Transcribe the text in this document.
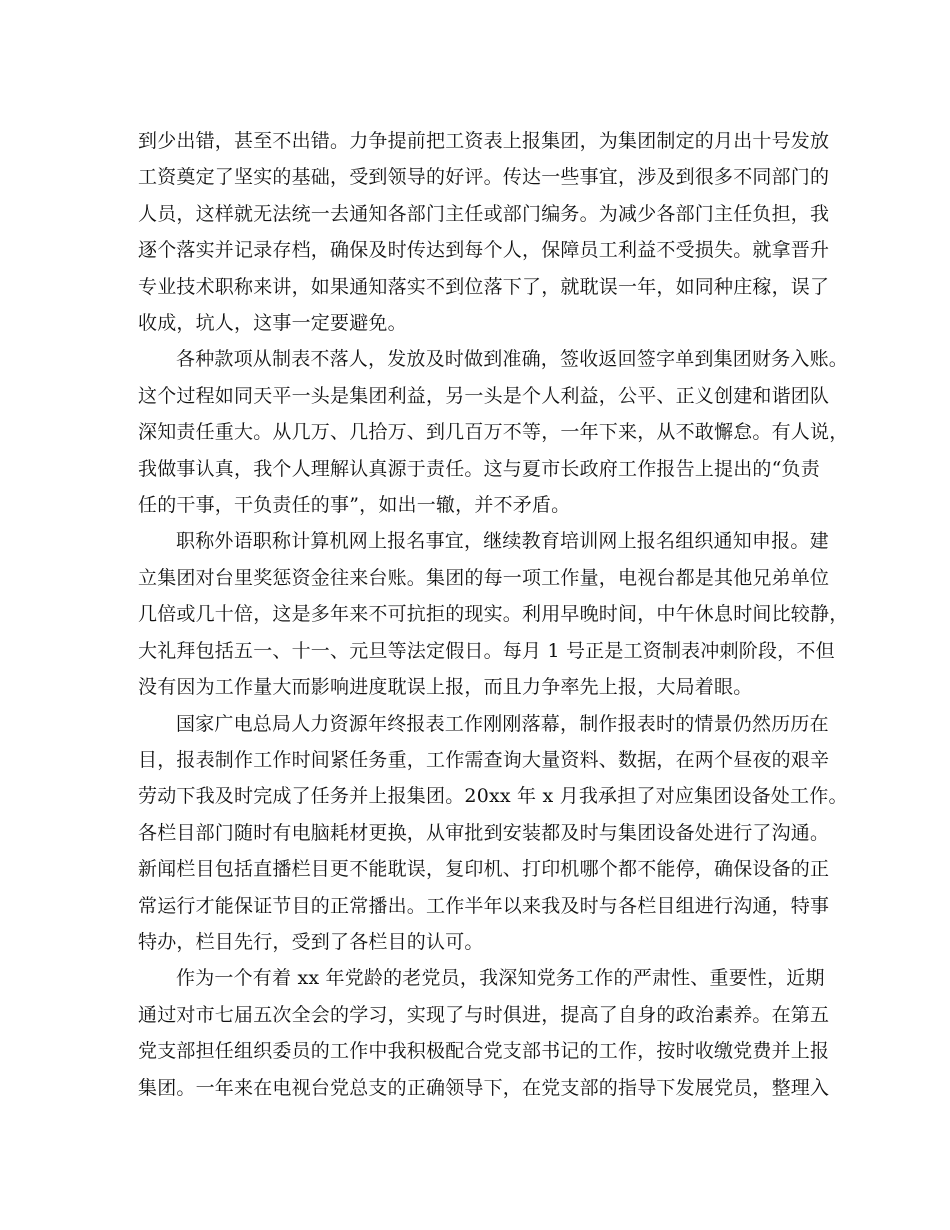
到少出错，甚至不出错。力争提前把工资表上报集团，为集团制定的月出十号发放
工资奠定了坚实的基础，受到领导的好评。传达一些事宜，涉及到很多不同部门的
人员，这样就无法统一去通知各部门主任或部门编务。为减少各部门主任负担，我
逐个落实并记录存档，确保及时传达到每个人，保障员工利益不受损失。就拿晋升
专业技术职称来讲，如果通知落实不到位落下了，就耽误一年，如同种庄稼，误了
收成，坑人，这事一定要避免。
各种款项从制表不落人，发放及时做到准确，签收返回签字单到集团财务入账。
这个过程如同天平一头是集团利益，另一头是个人利益，公平、正义创建和谐团队
深知责任重大。从几万、几拾万、到几百万不等，一年下来，从不敢懈怠。有人说，
我做事认真，我个人理解认真源于责任。这与夏市长政府工作报告上提出的“负责
任的干事，干负责任的事”，如出一辙，并不矛盾。
职称外语职称计算机网上报名事宜，继续教育培训网上报名组织通知申报。建
立集团对台里奖惩资金往来台账。集团的每一项工作量，电视台都是其他兄弟单位
几倍或几十倍，这是多年来不可抗拒的现实。利用早晚时间，中午休息时间比较静，
大礼拜包括五一、十一、元旦等法定假日。每月 1 号正是工资制表冲刺阶段，不但
没有因为工作量大而影响进度耽误上报，而且力争率先上报，大局着眼。
国家广电总局人力资源年终报表工作刚刚落幕，制作报表时的情景仍然历历在
目，报表制作工作时间紧任务重，工作需查询大量资料、数据，在两个昼夜的艰辛
劳动下我及时完成了任务并上报集团。20xx 年 x 月我承担了对应集团设备处工作。
各栏目部门随时有电脑耗材更换，从审批到安装都及时与集团设备处进行了沟通。
新闻栏目包括直播栏目更不能耽误，复印机、打印机哪个都不能停，确保设备的正
常运行才能保证节目的正常播出。工作半年以来我及时与各栏目组进行沟通，特事
特办，栏目先行，受到了各栏目的认可。
作为一个有着 xx 年党龄的老党员，我深知党务工作的严肃性、重要性，近期
通过对市七届五次全会的学习，实现了与时俱进，提高了自身的政治素养。在第五
党支部担任组织委员的工作中我积极配合党支部书记的工作，按时收缴党费并上报
集团。一年来在电视台党总支的正确领导下，在党支部的指导下发展党员，整理入
